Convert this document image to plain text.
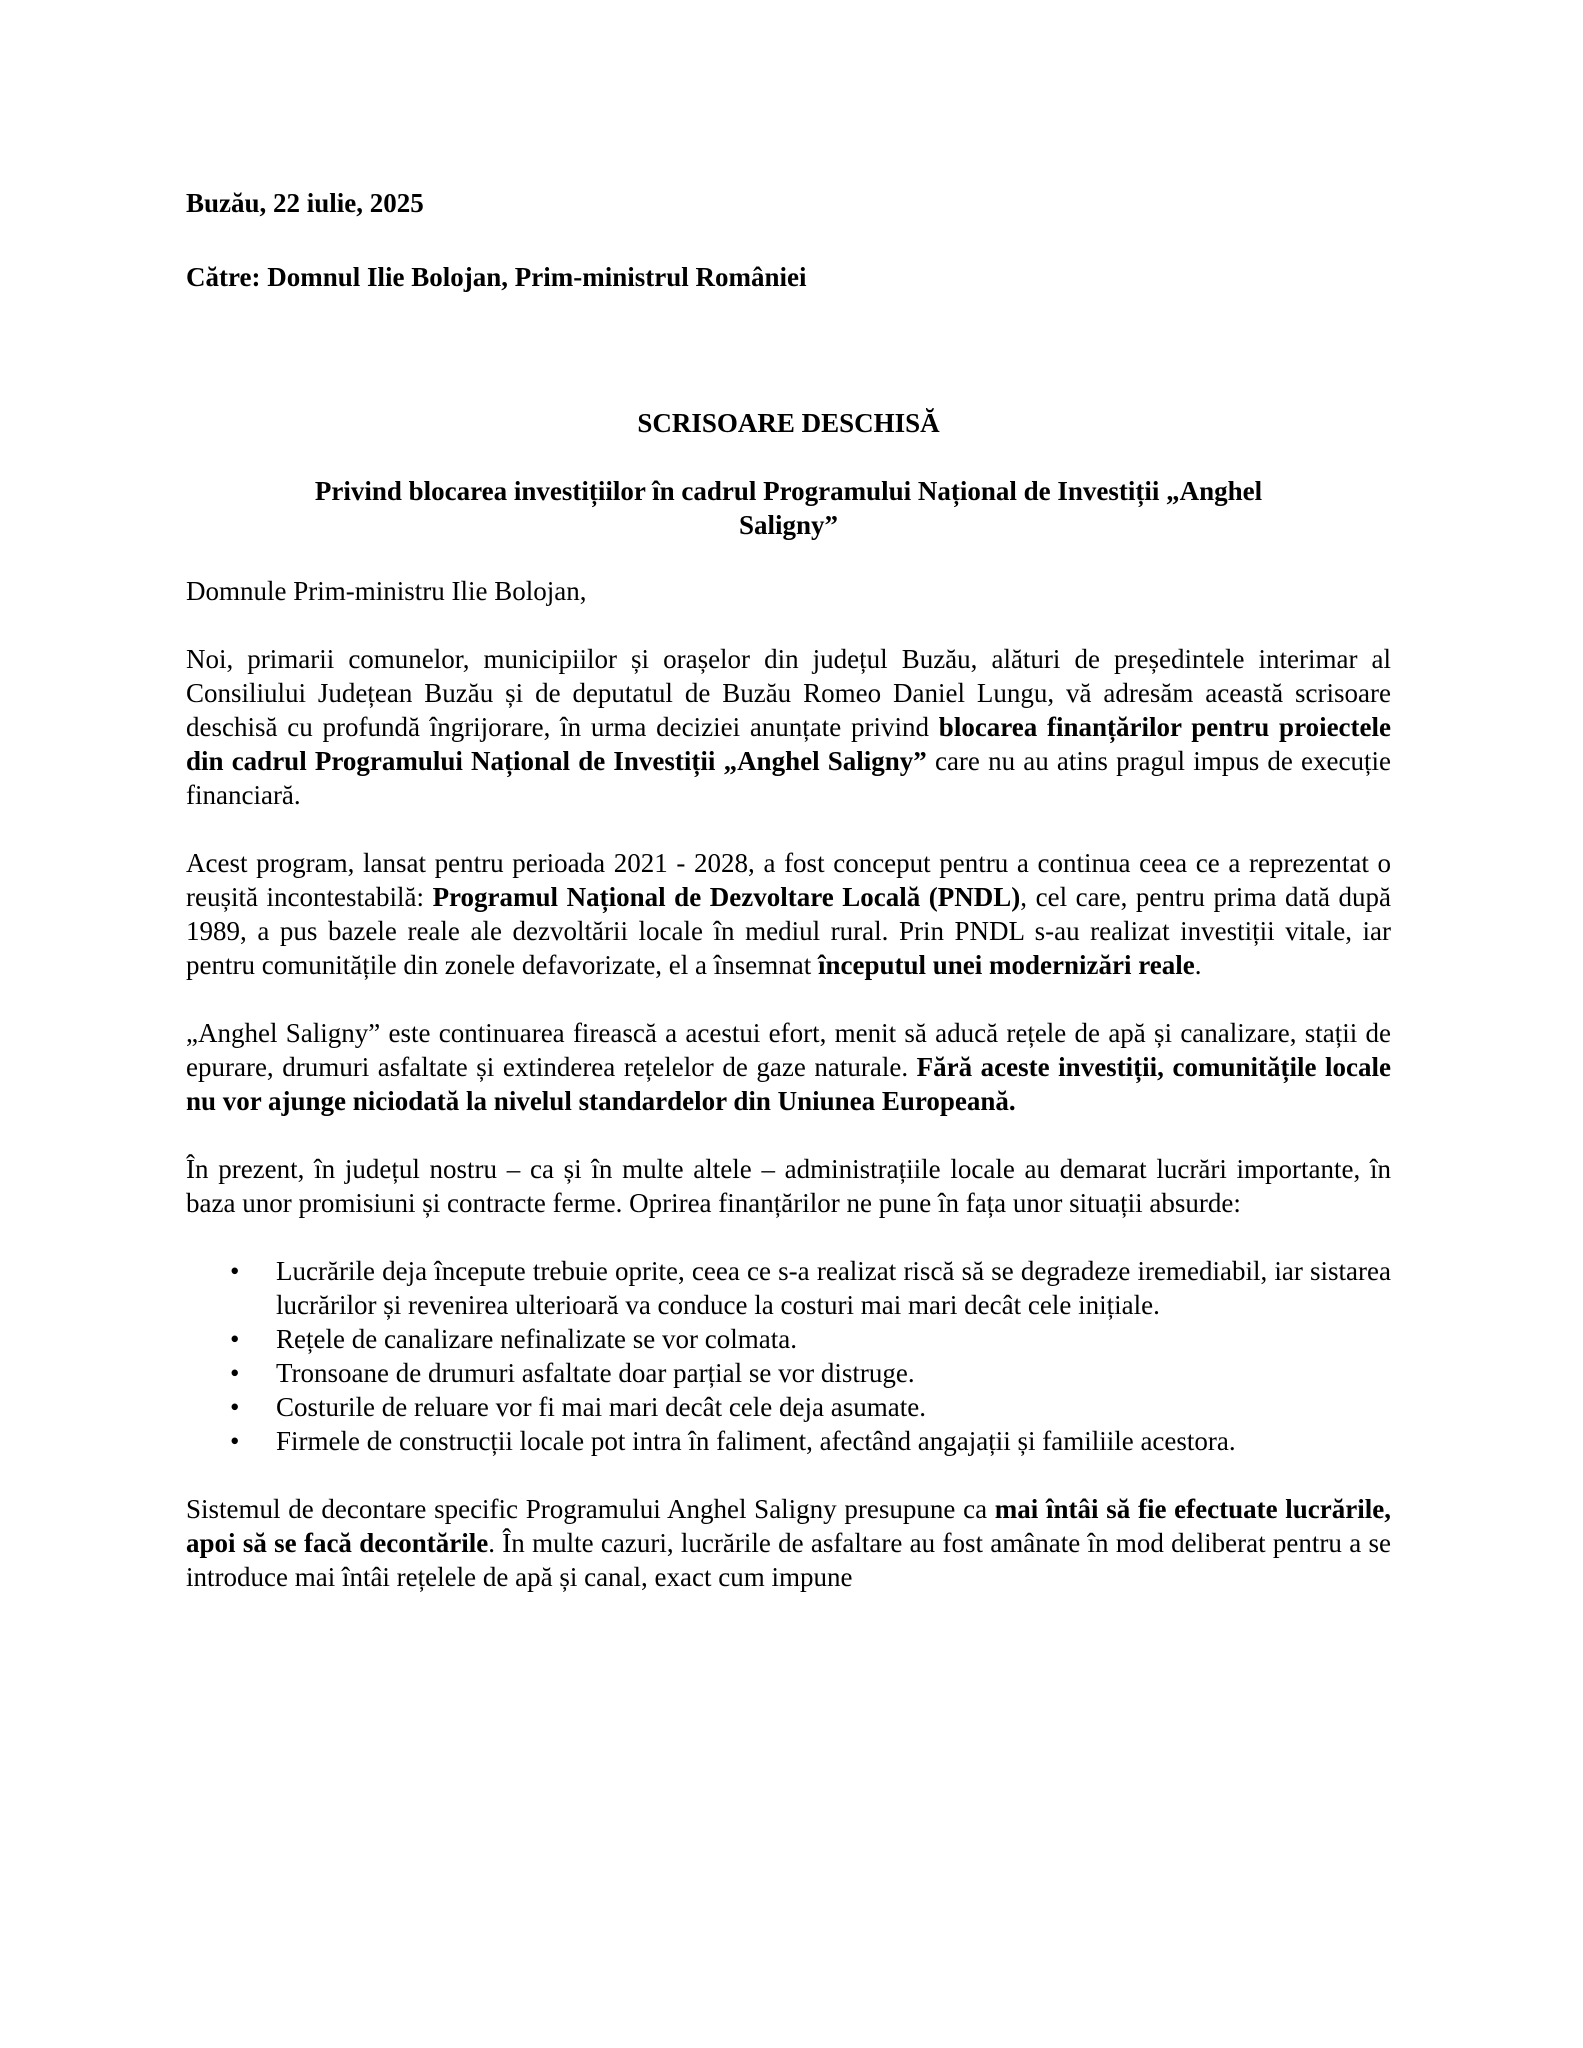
Buzău, 22 iulie, 2025

Către: Domnul Ilie Bolojan, Prim-ministrul României

SCRISOARE DESCHISĂ

Privind blocarea investițiilor în cadrul Programului Național de Investiții „Anghel Saligny”

Domnule Prim-ministru Ilie Bolojan,

Noi, primarii comunelor, municipiilor și orașelor din județul Buzău, alături de președintele interimar al Consiliului Județean Buzău și de deputatul de Buzău Romeo Daniel Lungu, vă adresăm această scrisoare deschisă cu profundă îngrijorare, în urma deciziei anunțate privind blocarea finanțărilor pentru proiectele din cadrul Programului Național de Investiții „Anghel Saligny” care nu au atins pragul impus de execuție financiară.

Acest program, lansat pentru perioada 2021 - 2028, a fost conceput pentru a continua ceea ce a reprezentat o reușită incontestabilă: Programul Național de Dezvoltare Locală (PNDL), cel care, pentru prima dată după 1989, a pus bazele reale ale dezvoltării locale în mediul rural. Prin PNDL s-au realizat investiții vitale, iar pentru comunitățile din zonele defavorizate, el a însemnat începutul unei modernizări reale.

„Anghel Saligny” este continuarea firească a acestui efort, menit să aducă rețele de apă și canalizare, stații de epurare, drumuri asfaltate și extinderea rețelelor de gaze naturale. Fără aceste investiții, comunitățile locale nu vor ajunge niciodată la nivelul standardelor din Uniunea Europeană.

În prezent, în județul nostru – ca și în multe altele – administrațiile locale au demarat lucrări importante, în baza unor promisiuni și contracte ferme. Oprirea finanțărilor ne pune în fața unor situații absurde:

• Lucrările deja începute trebuie oprite, ceea ce s-a realizat riscă să se degradeze iremediabil, iar sistarea lucrărilor și revenirea ulterioară va conduce la costuri mai mari decât cele inițiale.
• Rețele de canalizare nefinalizate se vor colmata.
• Tronsoane de drumuri asfaltate doar parțial se vor distruge.
• Costurile de reluare vor fi mai mari decât cele deja asumate.
• Firmele de construcții locale pot intra în faliment, afectând angajații și familiile acestora.

Sistemul de decontare specific Programului Anghel Saligny presupune ca mai întâi să fie efectuate lucrările, apoi să se facă decontările. În multe cazuri, lucrările de asfaltare au fost amânate în mod deliberat pentru a se introduce mai întâi rețelele de apă și canal, exact cum impune
